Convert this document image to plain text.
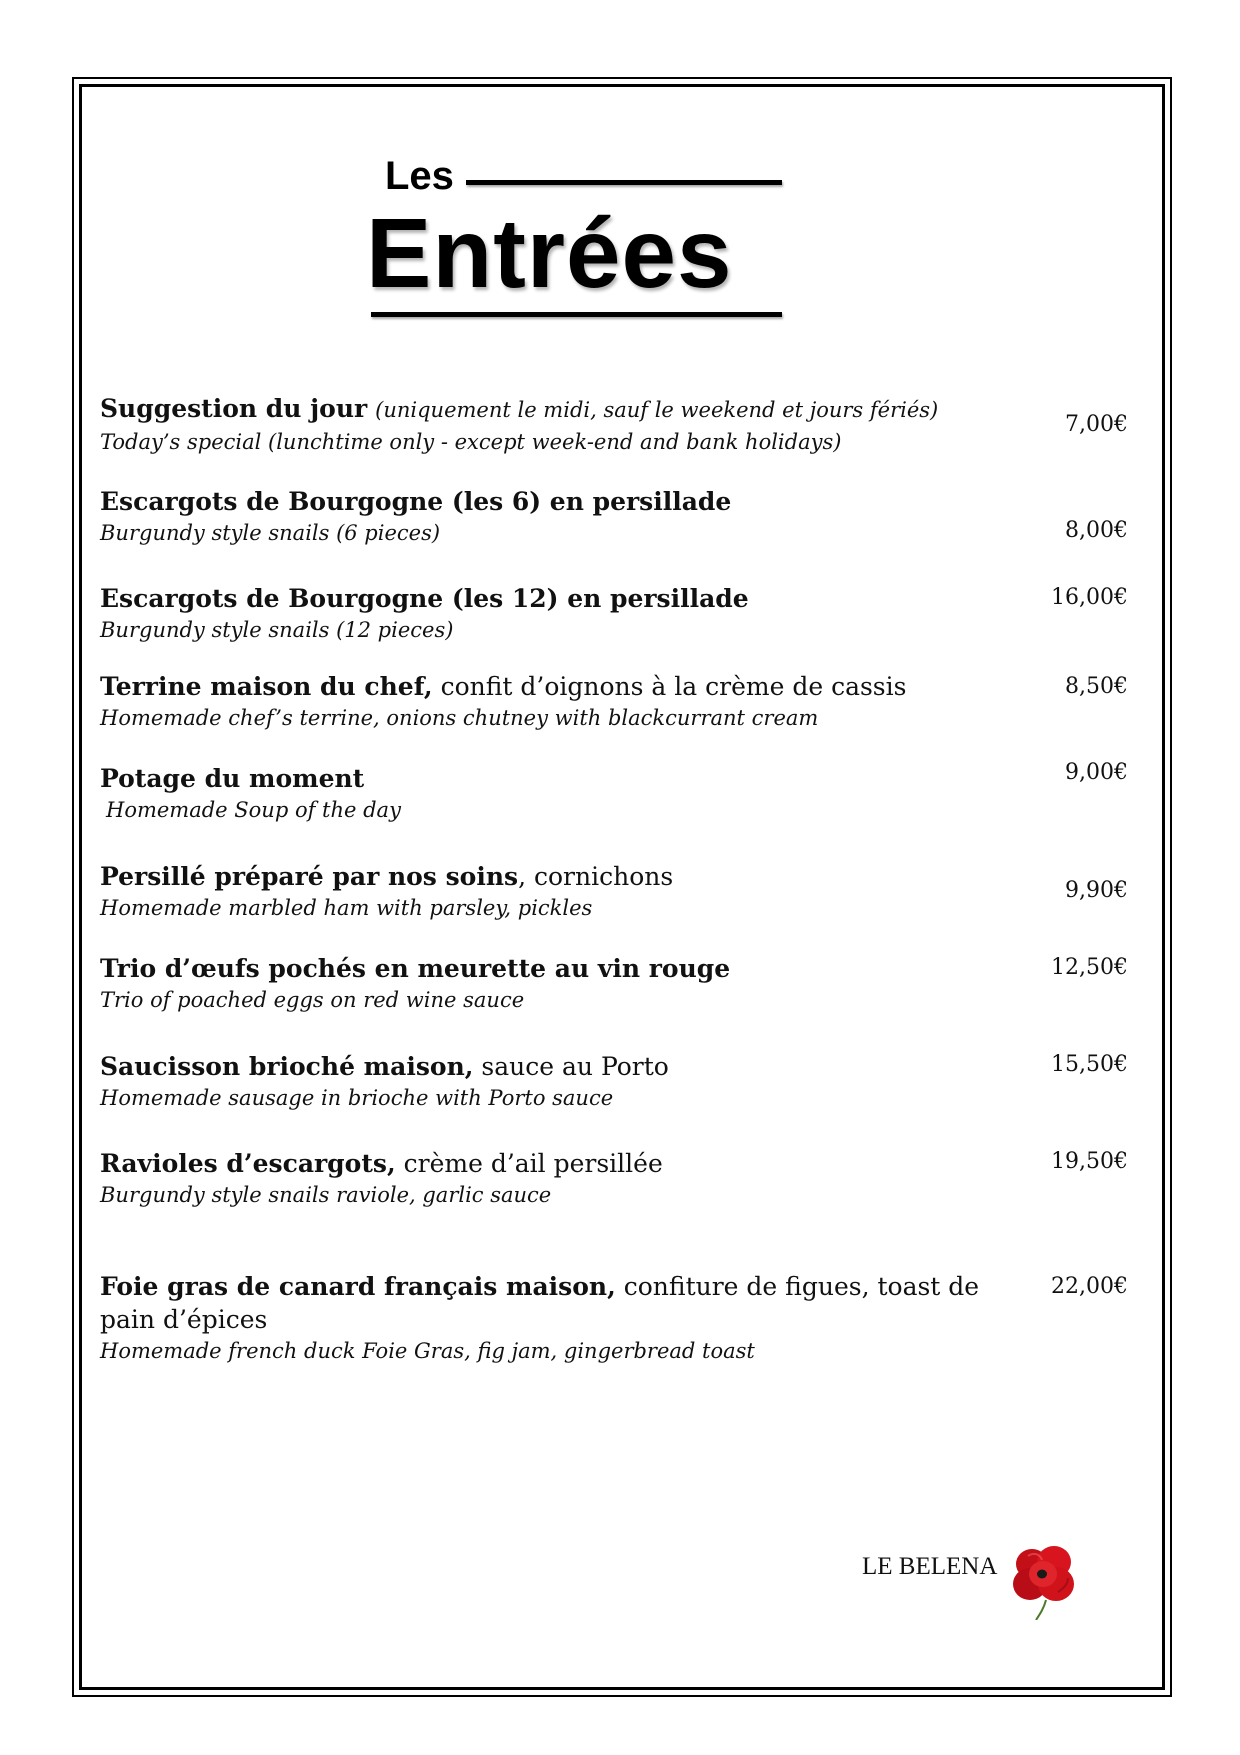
Les
Entrées
Suggestion du jour (uniquement le midi, sauf le weekend et jours fériés)
Today’s special (lunchtime only - except week-end and bank holidays)
7,00€
Escargots de Bourgogne (les 6) en persillade
Burgundy style snails (6 pieces)	8,00€
Escargots de Bourgogne (les 12) en persillade
Burgundy style snails (12 pieces)
16,00€
Terrine maison du chef, confit d’oignons à la crème de cassis
Homemade chef’s terrine, onions chutney with blackcurrant cream
8,50€
Potage du moment
Homemade Soup of the day
9,00€
Persillé préparé par nos soins, cornichons
Homemade marbled ham with parsley, pickles
9,90€
Trio d’œufs pochés en meurette au vin rouge
Trio of poached eggs on red wine sauce
12,50€
Saucisson brioché maison, sauce au Porto
Homemade sausage in brioche with Porto sauce
15,50€
Ravioles d’escargots, crème d’ail persillée
Burgundy style snails raviole, garlic sauce
19,50€
Foie gras de canard français maison, confiture de figues, toast de pain d’épices
Homemade french duck Foie Gras, fig jam, gingerbread toast
22,00€
LE BELENA
